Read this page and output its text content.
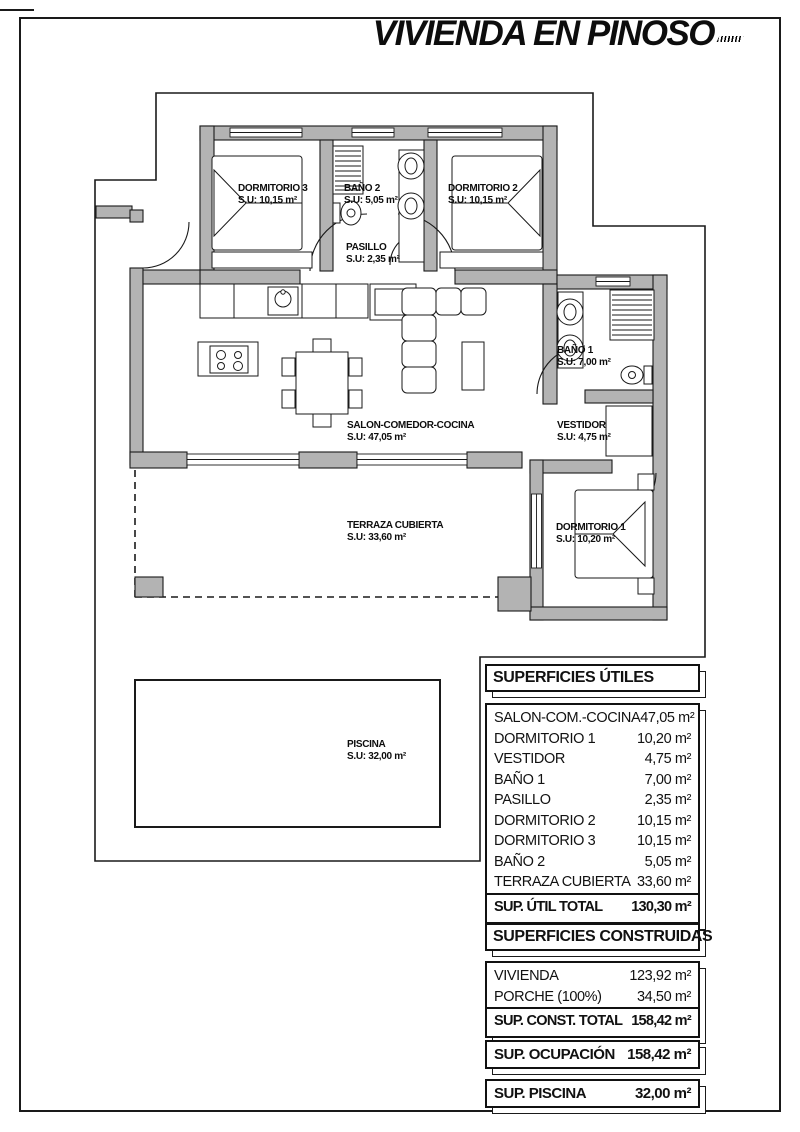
VIVIENDA EN PINOSO
DORMITORIO 3
S.U: 10,15 m²
BAÑO 2
S.U: 5,05 m²
DORMITORIO 2
S.U: 10,15 m²
PASILLO
S.U: 2,35 m²
SALON-COMEDOR-COCINA
S.U: 47,05 m²
BAÑO 1
S.U: 7,00 m²
VESTIDOR
S.U: 4,75 m²
DORMITORIO 1
S.U: 10,20 m²
TERRAZA CUBIERTA
S.U: 33,60 m²
PISCINA
S.U: 32,00 m²
SUPERFICIES ÚTILES
SALON-COM.-COCINA 47,05 m²
DORMITORIO 1	10,20 m²
VESTIDOR	4,75 m²
BAÑO 1	7,00 m²
PASILLO	2,35 m²
DORMITORIO 2	10,15 m²
DORMITORIO 3	10,15 m²
BAÑO 2	5,05 m²
TERRAZA CUBIERTA 33,60 m²
SUP. ÚTIL TOTAL 130,30 m²
SUPERFICIES CONSTRUIDAS
VIVIENDA	123,92 m²
PORCHE (100%) 34,50 m²
SUP. CONST. TOTAL 158,42 m²
SUP. OCUPACIÓN 158,42 m²
SUP. PISCINA	32,00 m²
